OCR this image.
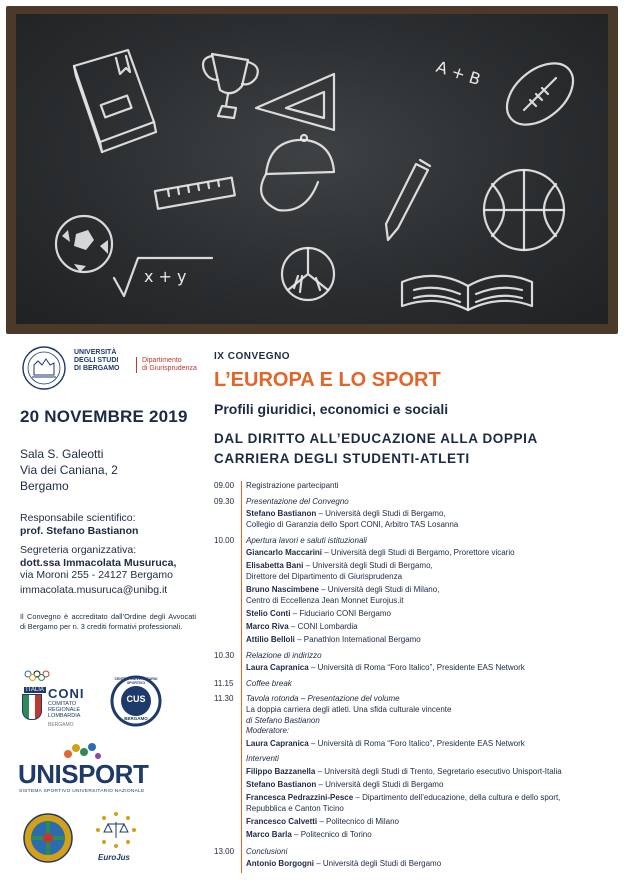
A + B
x + y
UNIVERSITÀ
DEGLI STUDI
DI BERGAMO
Dipartimento
di Giurisprudenza
20 NOVEMBRE 2019
Sala S. Galeotti
Via dei Caniana, 2
Bergamo
Responsabile scientifico:
prof. Stefano Bastianon
Segreteria organizzativa:
dott.ssa Immacolata Musuruca,
via Moroni 255 - 24127 Bergamo
immacolata.musuruca@unibg.it
Il Convegno è accreditato dall’Ordine degli Avvocati di Bergamo per n. 3 crediti formativi professionali.
ITALIA CONI
COMITATO
REGIONALE
LOMBARDIA
BERGAMO
CENTRO UNIVERSITARIO SPORTIVO
CUS
BERGAMO
UNISPORT
SISTEMA SPORTIVO UNIVERSITARIO NAZIONALE
EuroJus
IX CONVEGNO
L’EUROPA E LO SPORT
Profili giuridici, economici e sociali
DAL DIRITTO ALL’EDUCAZIONE ALLA DOPPIA
CARRIERA DEGLI STUDENTI-ATLETI
09.00 Registrazione partecipanti
09.30 Presentazione del Convegno
Stefano Bastianon – Università degli Studi di Bergamo,
Collegio di Garanzia dello Sport CONI, Arbitro TAS Losanna
10.00 Apertura lavori e saluti istituzionali
Giancarlo Maccarini – Università degli Studi di Bergamo, Prorettore vicario
Elisabetta Bani – Università degli Studi di Bergamo,
Direttore del Dipartimento di Giurisprudenza
Bruno Nascimbene – Università degli Studi di Milano,
Centro di Eccellenza Jean Monnet Eurojus.it
Stelio Conti – Fiduciario CONI Bergamo
Marco Riva – CONI Lombardia
Attilio Belloli – Panathlon International Bergamo
10.30 Relazione di indirizzo
Laura Capranica – Università di Roma “Foro Italico”, Presidente EAS Network
11.15 Coffee break
11.30 Tavola rotonda – Presentazione del volume
La doppia carriera degli atleti. Una sfida culturale vincente
di Stefano Bastianon
Moderatore:
Laura Capranica – Università di Roma “Foro Italico”, Presidente EAS Network
Interventi
Filippo Bazzanella – Università degli Studi di Trento, Segretario esecutivo Unisport-Italia
Stefano Bastianon – Università degli Studi di Bergamo
Francesca Pedrazzini-Pesce – Dipartimento dell’educazione, della cultura e dello sport,
Repubblica e Canton Ticino
Francesco Calvetti – Politecnico di Milano
Marco Barla – Politecnico di Torino
13.00 Conclusioni
Antonio Borgogni – Università degli Studi di Bergamo
